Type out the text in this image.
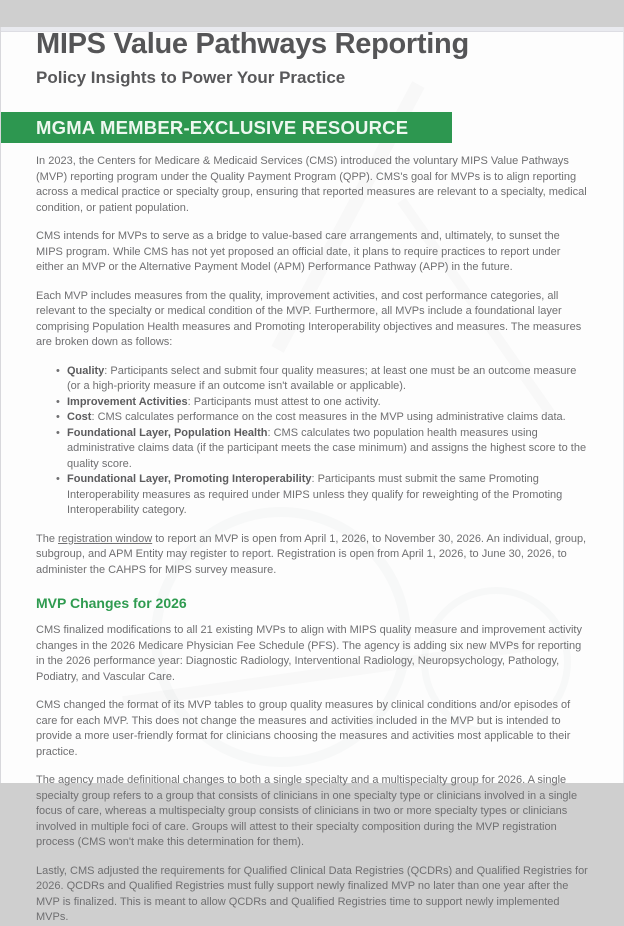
MIPS Value Pathways Reporting
Policy Insights to Power Your Practice
MGMA MEMBER-EXCLUSIVE RESOURCE

In 2023, the Centers for Medicare & Medicaid Services (CMS) introduced the voluntary MIPS Value Pathways (MVP) reporting program under the Quality Payment Program (QPP). CMS's goal for MVPs is to align reporting across a medical practice or specialty group, ensuring that reported measures are relevant to a specialty, medical condition, or patient population.

CMS intends for MVPs to serve as a bridge to value-based care arrangements and, ultimately, to sunset the MIPS program. While CMS has not yet proposed an official date, it plans to require practices to report under either an MVP or the Alternative Payment Model (APM) Performance Pathway (APP) in the future.

Each MVP includes measures from the quality, improvement activities, and cost performance categories, all relevant to the specialty or medical condition of the MVP. Furthermore, all MVPs include a foundational layer comprising Population Health measures and Promoting Interoperability objectives and measures. The measures are broken down as follows:

• Quality: Participants select and submit four quality measures; at least one must be an outcome measure (or a high-priority measure if an outcome isn't available or applicable).
• Improvement Activities: Participants must attest to one activity.
• Cost: CMS calculates performance on the cost measures in the MVP using administrative claims data.
• Foundational Layer, Population Health: CMS calculates two population health measures using administrative claims data (if the participant meets the case minimum) and assigns the highest score to the quality score.
• Foundational Layer, Promoting Interoperability: Participants must submit the same Promoting Interoperability measures as required under MIPS unless they qualify for reweighting of the Promoting Interoperability category.

The registration window to report an MVP is open from April 1, 2026, to November 30, 2026. An individual, group, subgroup, and APM Entity may register to report. Registration is open from April 1, 2026, to June 30, 2026, to administer the CAHPS for MIPS survey measure.

MVP Changes for 2026

CMS finalized modifications to all 21 existing MVPs to align with MIPS quality measure and improvement activity changes in the 2026 Medicare Physician Fee Schedule (PFS). The agency is adding six new MVPs for reporting in the 2026 performance year: Diagnostic Radiology, Interventional Radiology, Neuropsychology, Pathology, Podiatry, and Vascular Care.

CMS changed the format of its MVP tables to group quality measures by clinical conditions and/or episodes of care for each MVP. This does not change the measures and activities included in the MVP but is intended to provide a more user-friendly format for clinicians choosing the measures and activities most applicable to their practice.

The agency made definitional changes to both a single specialty and a multispecialty group for 2026. A single specialty group refers to a group that consists of clinicians in one specialty type or clinicians involved in a single focus of care, whereas a multispecialty group consists of clinicians in two or more specialty types or clinicians involved in multiple foci of care. Groups will attest to their specialty composition during the MVP registration process (CMS won't make this determination for them).

Lastly, CMS adjusted the requirements for Qualified Clinical Data Registries (QCDRs) and Qualified Registries for 2026. QCDRs and Qualified Registries must fully support newly finalized MVP no later than one year after the MVP is finalized. This is meant to allow QCDRs and Qualified Registries time to support newly implemented MVPs.
